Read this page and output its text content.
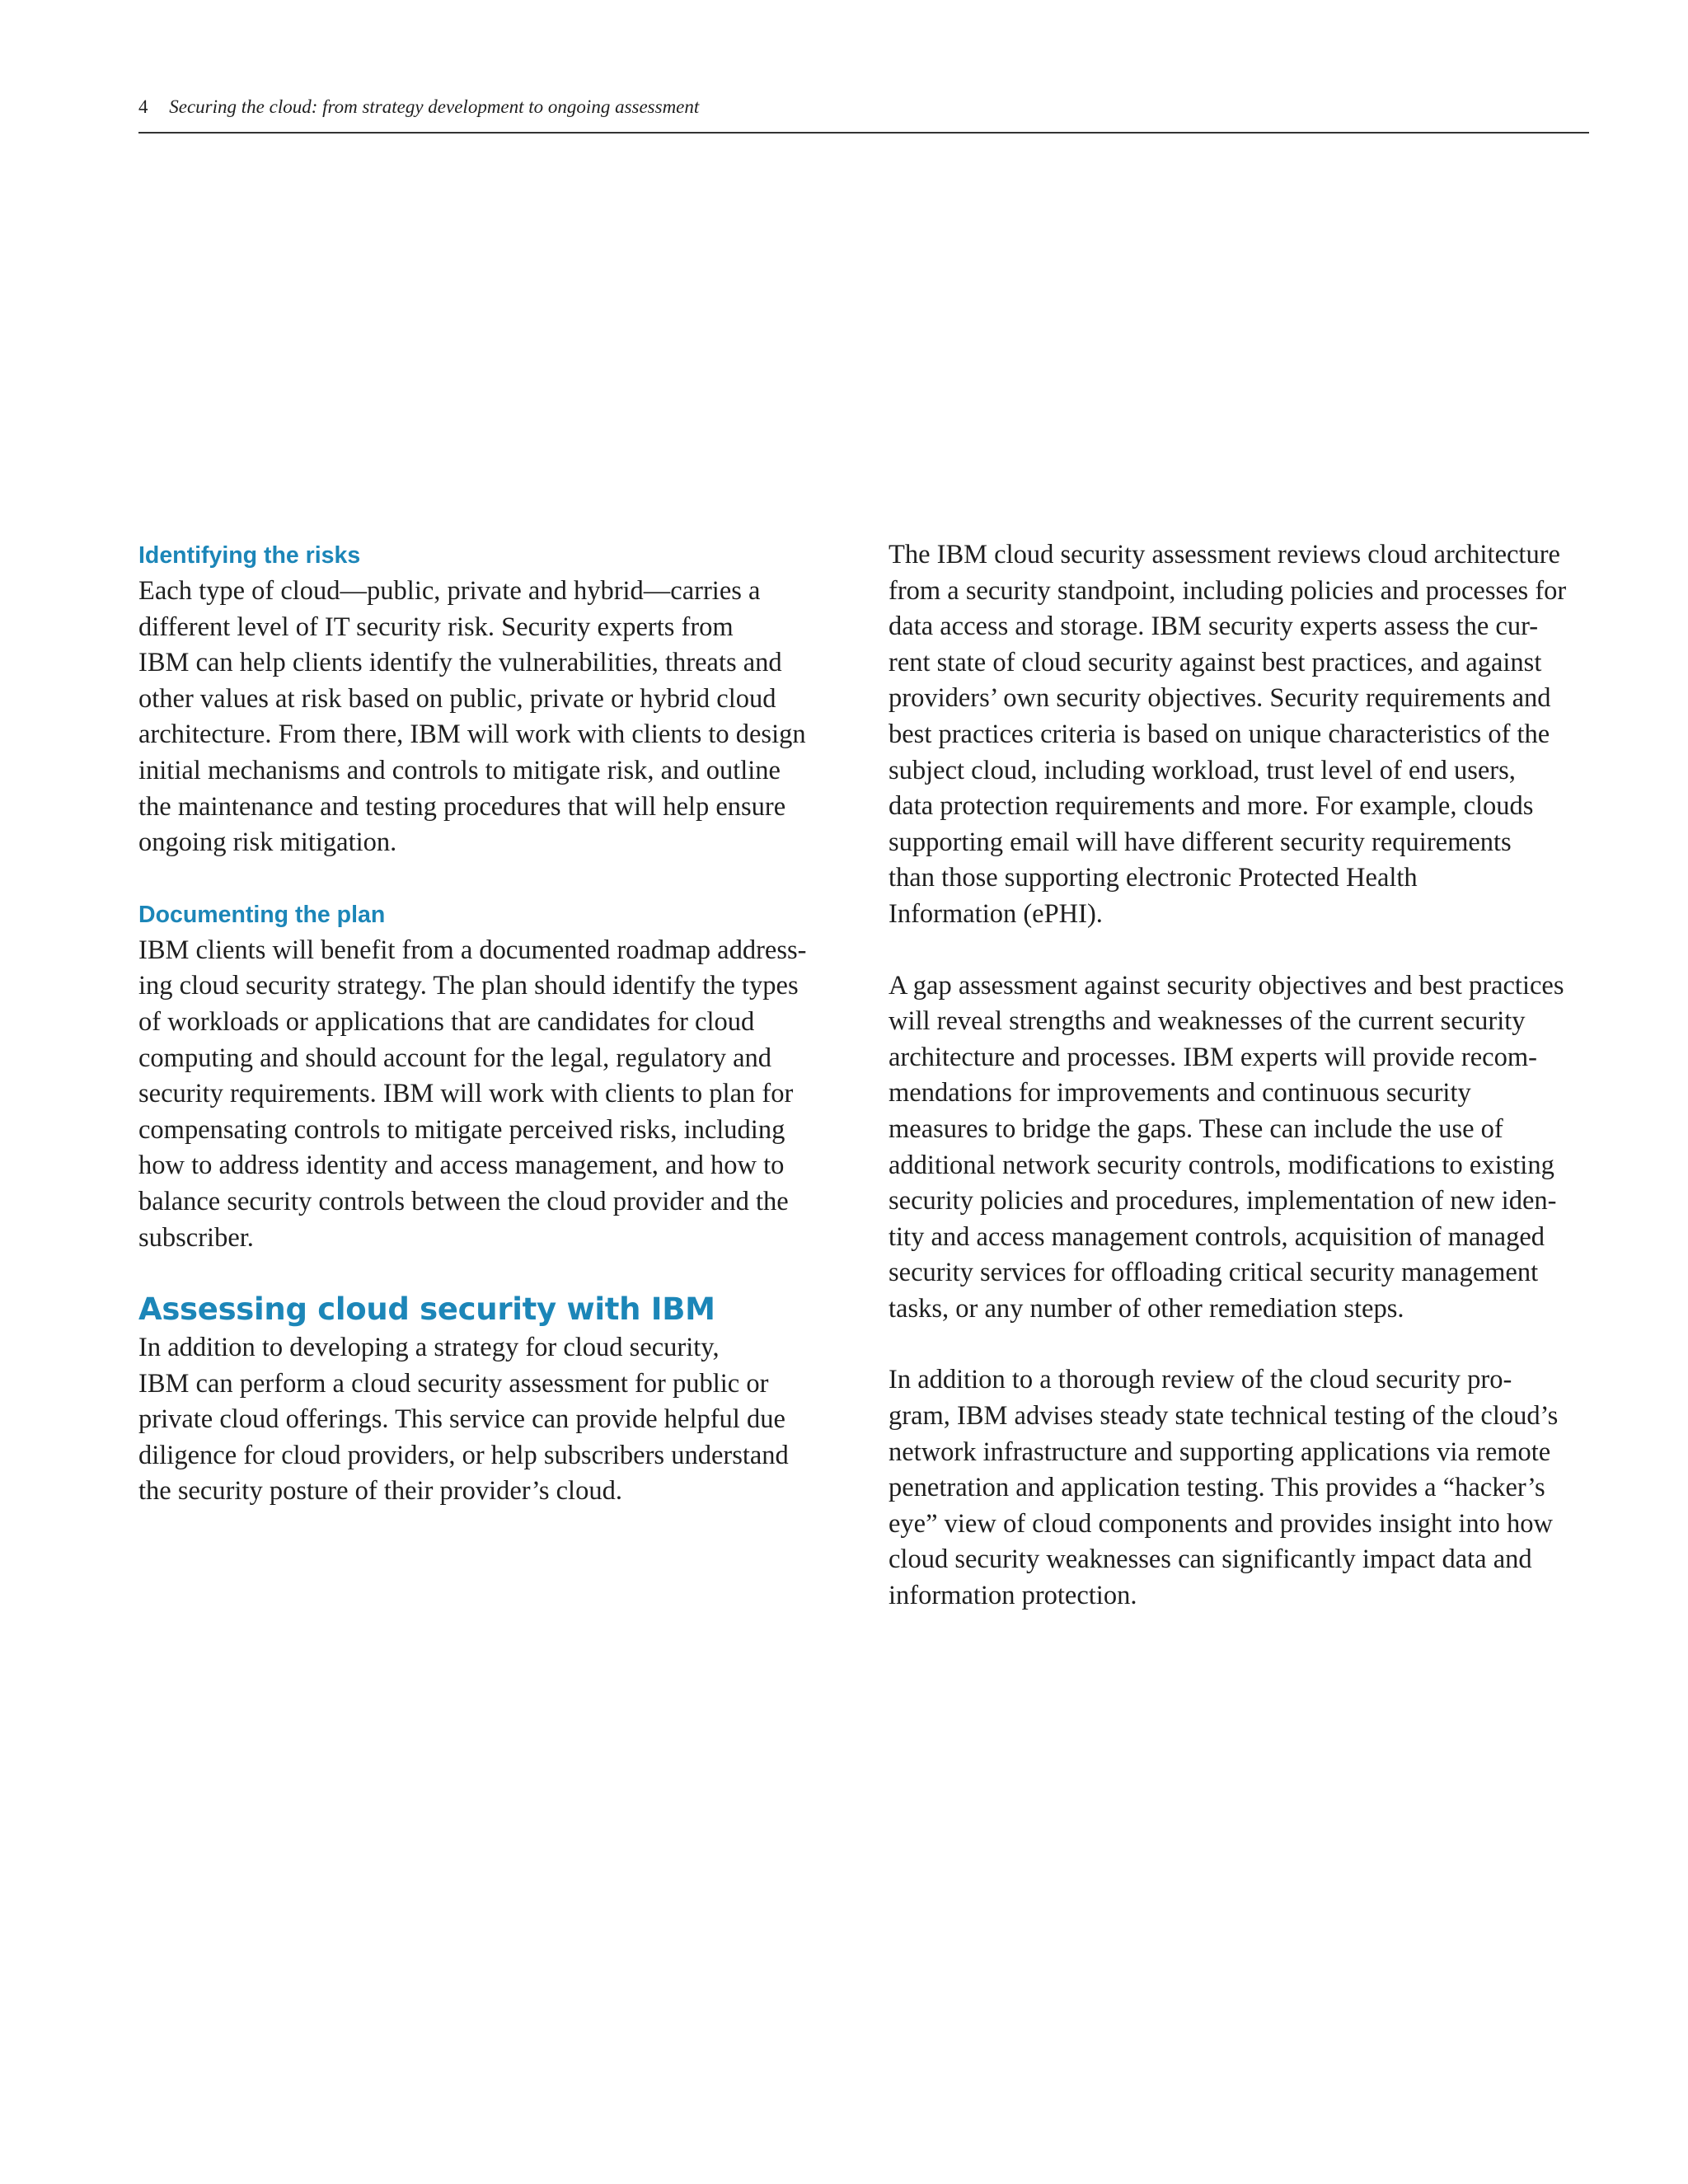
4 Securing the cloud: from strategy development to ongoing assessment
Identifying the risks
Each type of cloud—public, private and hybrid—carries a
different level of IT security risk. Security experts from
IBM can help clients identify the vulnerabilities, threats and
other values at risk based on public, private or hybrid cloud
architecture. From there, IBM will work with clients to design
initial mechanisms and controls to mitigate risk, and outline
the maintenance and testing procedures that will help ensure
ongoing risk mitigation.
Documenting the plan
IBM clients will benefit from a documented roadmap address-
ing cloud security strategy. The plan should identify the types
of workloads or applications that are candidates for cloud
computing and should account for the legal, regulatory and
security requirements. IBM will work with clients to plan for
compensating controls to mitigate perceived risks, including
how to address identity and access management, and how to
balance security controls between the cloud provider and the
subscriber.
Assessing cloud security with IBM
In addition to developing a strategy for cloud security,
IBM can perform a cloud security assessment for public or
private cloud offerings. This service can provide helpful due
diligence for cloud providers, or help subscribers understand
the security posture of their provider’s cloud.
The IBM cloud security assessment reviews cloud architecture
from a security standpoint, including policies and processes for
data access and storage. IBM security experts assess the cur-
rent state of cloud security against best practices, and against
providers’ own security objectives. Security requirements and
best practices criteria is based on unique characteristics of the
subject cloud, including workload, trust level of end users,
data protection requirements and more. For example, clouds
supporting email will have different security requirements
than those supporting electronic Protected Health
Information (ePHI).
A gap assessment against security objectives and best practices
will reveal strengths and weaknesses of the current security
architecture and processes. IBM experts will provide recom-
mendations for improvements and continuous security
measures to bridge the gaps. These can include the use of
additional network security controls, modifications to existing
security policies and procedures, implementation of new iden-
tity and access management controls, acquisition of managed
security services for offloading critical security management
tasks, or any number of other remediation steps.
In addition to a thorough review of the cloud security pro-
gram, IBM advises steady state technical testing of the cloud’s
network infrastructure and supporting applications via remote
penetration and application testing. This provides a “hacker’s
eye” view of cloud components and provides insight into how
cloud security weaknesses can significantly impact data and
information protection.
